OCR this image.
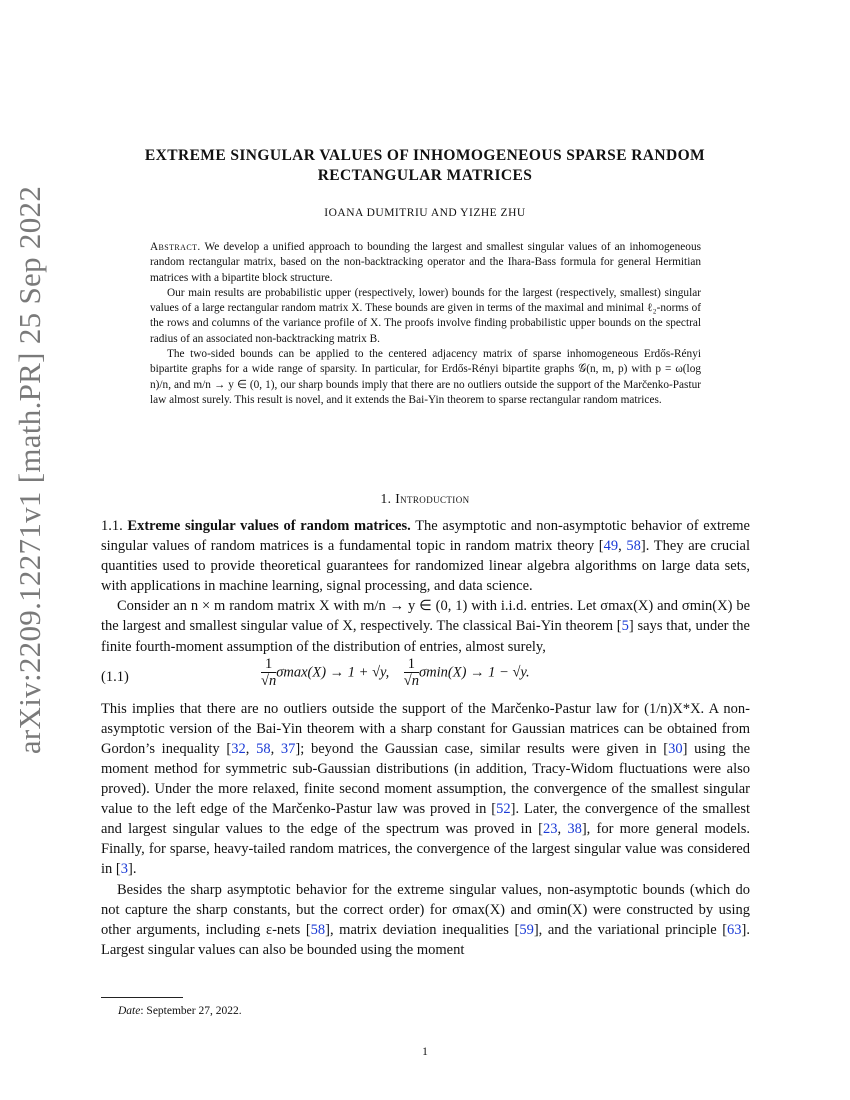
arXiv:2209.12271v1 [math.PR] 25 Sep 2022
EXTREME SINGULAR VALUES OF INHOMOGENEOUS SPARSE RANDOM RECTANGULAR MATRICES
IOANA DUMITRIU AND YIZHE ZHU

Abstract. We develop a unified approach to bounding the largest and smallest singular values of an inhomogeneous random rectangular matrix, based on the non-backtracking operator and the Ihara-Bass formula for general Hermitian matrices with a bipartite block structure.

Our main results are probabilistic upper (respectively, lower) bounds for the largest (respectively, smallest) singular values of a large rectangular random matrix X. These bounds are given in terms of the maximal and minimal ℓ₂-norms of the rows and columns of the variance profile of X. The proofs involve finding probabilistic upper bounds on the spectral radius of an associated non-backtracking matrix B.

The two-sided bounds can be applied to the centered adjacency matrix of sparse inhomogeneous Erdős-Rényi bipartite graphs for a wide range of sparsity. In particular, for Erdős-Rényi bipartite graphs 𝒢(n, m, p) with p = ω(log n)/n, and m/n → y ∈ (0, 1), our sharp bounds imply that there are no outliers outside the support of the Marčenko-Pastur law almost surely. This result is novel, and it extends the Bai-Yin theorem to sparse rectangular random matrices.

1. Introduction

1.1. Extreme singular values of random matrices. The asymptotic and non-asymptotic behavior of extreme singular values of random matrices is a fundamental topic in random matrix theory [49, 58]. They are crucial quantities used to provide theoretical guarantees for randomized linear algebra algorithms on large data sets, with applications in machine learning, signal processing, and data science.

Consider an n × m random matrix X with m/n → y ∈ (0, 1) with i.i.d. entries. Let σmax(X) and σmin(X) be the largest and smallest singular value of X, respectively. The classical Bai-Yin theorem [5] says that, under the finite fourth-moment assumption of the distribution of entries, almost surely,

(1.1)	$\frac{1}{√n} \sigma\max(X) \to 1 + √y$, $\frac{1}{√n} \sigma\min(X) \to 1 - √y$.

This implies that there are no outliers outside the support of the Marčenko-Pastur law for (1/n)X*X. A non-asymptotic version of the Bai-Yin theorem with a sharp constant for Gaussian matrices can be obtained from Gordon’s inequality [32, 58, 37]; beyond the Gaussian case, similar results were given in [30] using the moment method for symmetric sub-Gaussian distributions (in addition, Tracy-Widom fluctuations were also proved). Under the more relaxed, finite second moment assumption, the convergence of the smallest singular value to the left edge of the Marčenko-Pastur law was proved in [52]. Later, the convergence of the smallest and largest singular values to the edge of the spectrum was proved in [23, 38], for more general models. Finally, for sparse, heavy-tailed random matrices, the convergence of the largest singular value was considered in [3].

Besides the sharp asymptotic behavior for the extreme singular values, non-asymptotic bounds (which do not capture the sharp constants, but the correct order) for σmax(X) and σmin(X) were constructed by using other arguments, including ε-nets [58], matrix deviation inequalities [59], and the variational principle [63]. Largest singular values can also be bounded using the moment

Date: September 27, 2022.
1
